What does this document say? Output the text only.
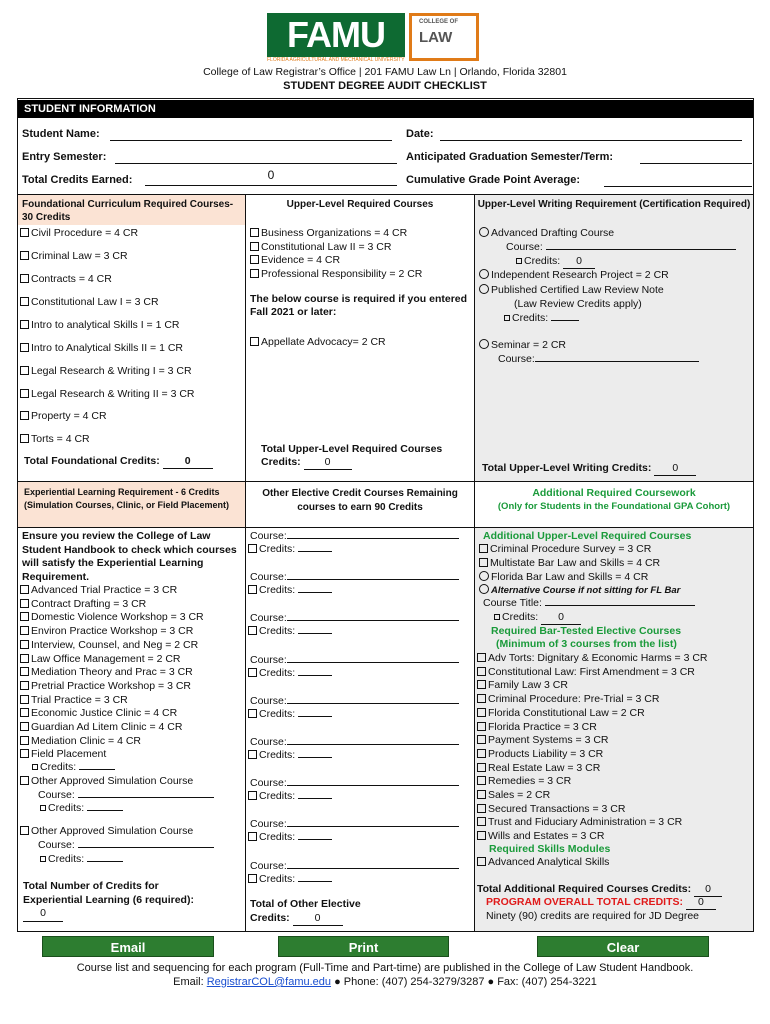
FAMU	COLLEGE OF
LAW
FLORIDA AGRICULTURAL AND MECHANICAL UNIVERSITY
College of Law Registrar’s Office | 201 FAMU Law Ln | Orlando, Florida 32801
STUDENT DEGREE AUDIT CHECKLIST
STUDENT INFORMATION
Student Name:	Date:
Entry Semester:	Anticipated Graduation Semester/Term:
Total Credits Earned:	0	Cumulative Grade Point Average:
Foundational Curriculum Required Courses-30 Credits
Upper-Level Required Courses	Upper-Level Writing Requirement (Certification Required)
Civil Procedure = 4 CR
Criminal Law = 3 CR
Contracts = 4 CR
Constitutional Law I = 3 CR
Intro to analytical Skills I = 1 CR
Intro to Analytical Skills II = 1 CR
Legal Research & Writing I = 3 CR
Legal Research & Writing II = 3 CR
Property = 4 CR
Torts = 4 CR
Total Foundational Credits: 0
Business Organizations = 4 CR
Constitutional Law II = 3 CR
Evidence = 4 CR
Professional Responsibility = 2 CR
The below course is required if you entered Fall 2021 or later:
Appellate Advocacy= 2 CR
Total Upper-Level Required Courses Credits: 0
Advanced Drafting Course
Course:
Credits: 0
Independent Research Project = 2 CR
Published Certified Law Review Note
(Law Review Credits apply)
Credits:
Seminar = 2 CR
Course:
Total Upper-Level Writing Credits: 0
Experiential Learning Requirement - 6 Credits (Simulation Courses, Clinic, or Field Placement)
Other Elective Credit Courses Remaining courses to earn 90 Credits
Additional Required Coursework
(Only for Students in the Foundational GPA Cohort)
Ensure you review the College of Law Student Handbook to check which courses will satisfy the Experiential Learning Requirement.
Advanced Trial Practice = 3 CR
Contract Drafting = 3 CR
Domestic Violence Workshop = 3 CR
Environ Practice Workshop = 3 CR
Interview, Counsel, and Neg = 2 CR
Law Office Management = 2 CR
Mediation Theory and Prac = 3 CR
Pretrial Practice Workshop = 3 CR
Trial Practice = 3 CR
Economic Justice Clinic = 4 CR
Guardian Ad Litem Clinic = 4 CR
Mediation Clinic = 4 CR
Field Placement
Credits:
Other Approved Simulation Course
Course:
Credits:
Other Approved Simulation Course
Course:
Credits:
Total Number of Credits for Experiential Learning (6 required): 0
Course:
Credits:
Course:
Credits:
Course:
Credits:
Course:
Credits:
Course:
Credits:
Course:
Credits:
Course:
Credits:
Course:
Credits:
Course:
Credits:
Total of Other Elective Credits: 0
Additional Upper-Level Required Courses
Criminal Procedure Survey = 3 CR
Multistate Bar Law and Skills = 4 CR
Florida Bar Law and Skills = 4 CR
Alternative Course if not sitting for FL Bar
Course Title:
Credits: 0
Required Bar-Tested Elective Courses
(Minimum of 3 courses from the list)
Adv Torts: Dignitary & Economic Harms = 3 CR
Constitutional Law: First Amendment = 3 CR
Family Law 3 CR
Criminal Procedure: Pre-Trial = 3 CR
Florida Constitutional Law = 2 CR
Florida Practice = 3 CR
Payment Systems = 3 CR
Products Liability = 3 CR
Real Estate Law = 3 CR
Remedies = 3 CR
Sales = 2 CR
Secured Transactions = 3 CR
Trust and Fiduciary Administration = 3 CR
Wills and Estates = 3 CR
Required Skills Modules
Advanced Analytical Skills
Total Additional Required Courses Credits: 0
PROGRAM OVERALL TOTAL CREDITS: 0
Ninety (90) credits are required for JD Degree
Email	Print	Clear
Course list and sequencing for each program (Full-Time and Part-time) are published in the College of Law Student Handbook.
Email: RegistrarCOL@famu.edu ● Phone: (407) 254-3279/3287 ● Fax: (407) 254-3221
